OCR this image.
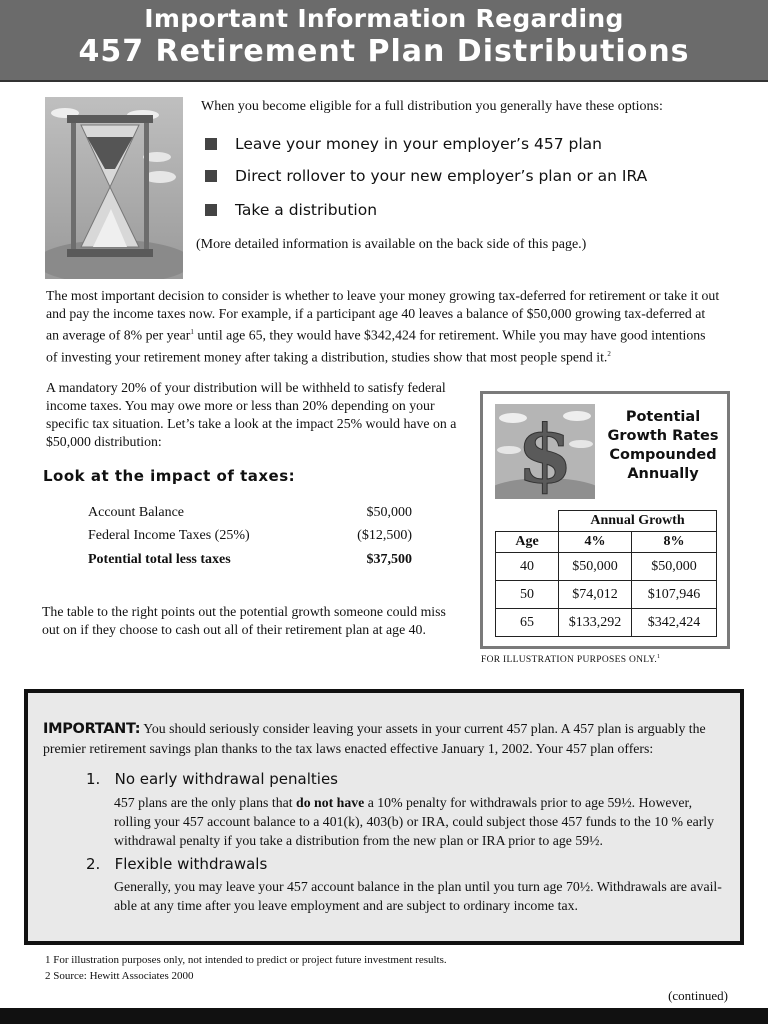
Important Information Regarding
457 Retirement Plan Distributions
When you become eligible for a full distribution you generally have these options:
Leave your money in your employer’s 457 plan
Direct rollover to your new employer’s plan or an IRA
Take a distribution
(More detailed information is available on the back side of this page.)
The most important decision to consider is whether to leave your money growing tax-deferred for retirement or take it out
and pay the income taxes now. For example, if a participant age 40 leaves a balance of $50,000 growing tax-deferred at
an average of 8% per year$^1$ until age 65, they would have $342,424 for retirement. While you may have good intentions
of investing your retirement money after taking a distribution, studies show that most people spend it.$^2$
A mandatory 20% of your distribution will be withheld to satisfy federal
income taxes. You may owe more or less than 20% depending on your
specific tax situation. Let’s take a look at the impact 25% would have on a
$50,000 distribution:
Look at the impact of taxes:
Account Balance	$50,000
Federal Income Taxes (25%)	($12,500)
Potential total less taxes	$37,500
The table to the right points out the potential growth someone could miss
out on if they choose to cash out all of their retirement plan at age 40.
$	Potential
Growth Rates
Compounded
Annually
	Annual Growth	
Age	4%	8%
40	$50,000	$50,000
50	$74,012	$107,946
65	$133,292	$342,424
FOR ILLUSTRATION PURPOSES ONLY.$^1$
IMPORTANT: You should seriously consider leaving your assets in your current 457 plan. A 457 plan is arguably the
premier retirement savings plan thanks to the tax laws enacted effective January 1, 2002. Your 457 plan offers:
1. No early withdrawal penalties
457 plans are the only plans that do not have a 10% penalty for withdrawals prior to age 59½. However,
rolling your 457 account balance to a 401(k), 403(b) or IRA, could subject those 457 funds to the 10 % early
withdrawal penalty if you take a distribution from the new plan or IRA prior to age 59½.
2. Flexible withdrawals
Generally, you may leave your 457 account balance in the plan until you turn age 70½. Withdrawals are avail-
able at any time after you leave employment and are subject to ordinary income tax.
1 For illustration purposes only, not intended to predict or project future investment results.
2 Source: Hewitt Associates 2000
(continued)
